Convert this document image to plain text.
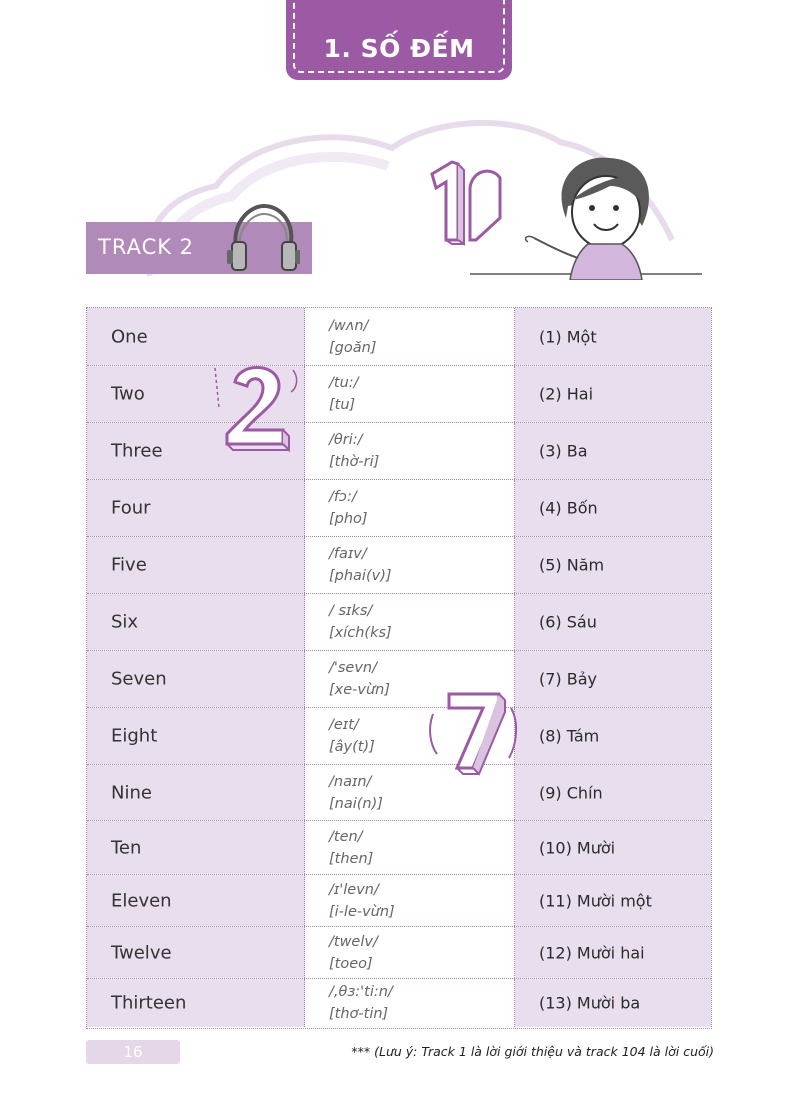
1. SỐ ĐẾM
TRACK 2
One
/wʌn/
[goăn]
(1) Một
Two
/tu:/
[tu]
(2) Hai
Three
/θri:/
[thờ-ri]
(3) Ba
Four
/fɔ:/
[pho]
(4) Bốn
Five
/faɪv/
[phai(v)]
(5) Năm
Six
/ sɪks/
[xích(ks]
(6) Sáu
Seven
/'sevn/
[xe-vừn]
(7) Bảy
Eight
/eɪt/
[ây(t)]
(8) Tám
Nine
/naɪn/
[nai(n)]
(9) Chín
Ten
/ten/
[then]
(10) Mười
Eleven
/ɪ'levn/
[i-le-vừn]
(11) Mười một
Twelve
/twelv/
[toeo]
(12) Mười hai
Thirteen
/,θɜ:'ti:n/
[thơ-tin]
(13) Mười ba
16	*** (Lưu ý: Track 1 là lời giới thiệu và track 104 là lời cuối)
